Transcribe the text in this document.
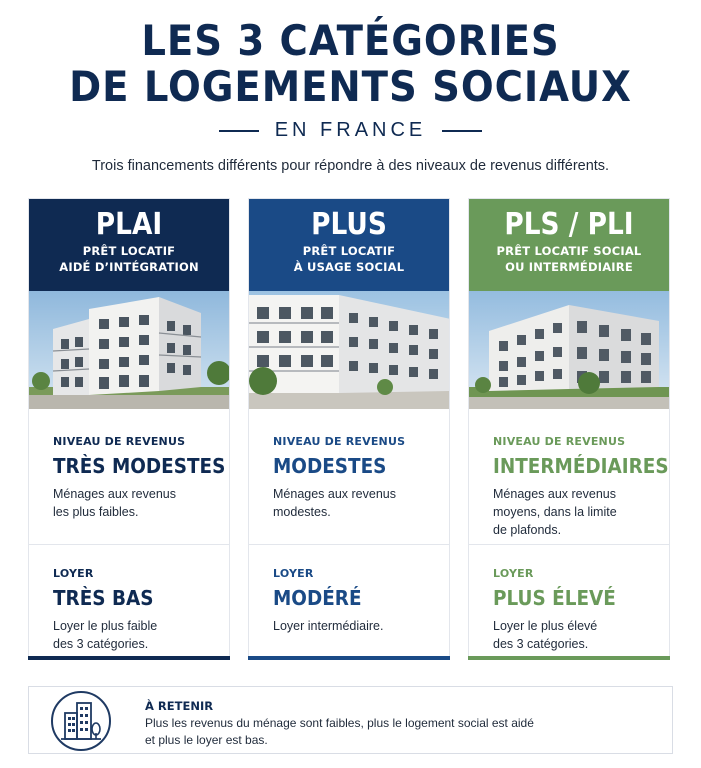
LES 3 CATÉGORIES
DE LOGEMENTS SOCIAUX
EN FRANCE
Trois financements différents pour répondre à des niveaux de revenus différents.
PLAI
PRÊT LOCATIF
AIDÉ D’INTÉGRATION
NIVEAU DE REVENUS
TRÈS MODESTES
Ménages aux revenus
les plus faibles.
LOYER
TRÈS BAS
Loyer le plus faible
des 3 catégories.
PLUS
PRÊT LOCATIF
À USAGE SOCIAL
NIVEAU DE REVENUS
MODESTES
Ménages aux revenus
modestes.
LOYER
MODÉRÉ
Loyer intermédiaire.
PLS / PLI
PRÊT LOCATIF SOCIAL
OU INTERMÉDIAIRE
NIVEAU DE REVENUS
INTERMÉDIAIRES
Ménages aux revenus
moyens, dans la limite
de plafonds.
LOYER
PLUS ÉLEVÉ
Loyer le plus élevé
des 3 catégories.
À RETENIR
Plus les revenus du ménage sont faibles, plus le logement social est aidé
et plus le loyer est bas.
